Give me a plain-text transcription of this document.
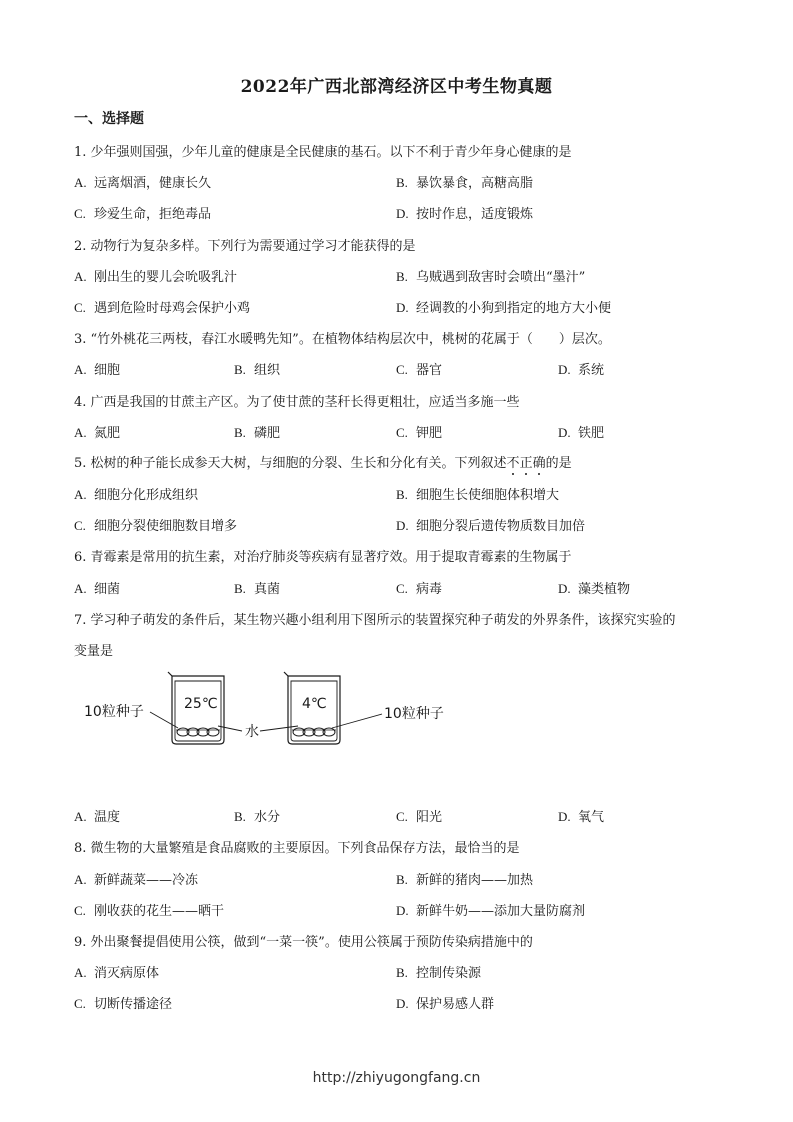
2022年广西北部湾经济区中考生物真题
一、选择题
1. 少年强则国强，少年儿童的健康是全民健康的基石。以下不利于青少年身心健康的是
A. 远离烟酒，健康长久	B. 暴饮暴食，高糖高脂
C. 珍爱生命，拒绝毒品	D. 按时作息，适度锻炼
2. 动物行为复杂多样。下列行为需要通过学习才能获得的是
A. 刚出生的婴儿会吮吸乳汁	B. 乌贼遇到敌害时会喷出“墨汁”
C. 遇到危险时母鸡会保护小鸡	D. 经调教的小狗到指定的地方大小便
3. “竹外桃花三两枝，春江水暖鸭先知”。在植物体结构层次中，桃树的花属于（　　）层次。
A. 细胞	B. 组织	C. 器官	D. 系统
4. 广西是我国的甘蔗主产区。为了使甘蔗的茎秆长得更粗壮，应适当多施一些
A. 氮肥	B. 磷肥	C. 钾肥	D. 铁肥
5. 松树的种子能长成参天大树，与细胞的分裂、生长和分化有关。下列叙述不正确的是
A. 细胞分化形成组织	B. 细胞生长使细胞体积增大
C. 细胞分裂使细胞数目增多	D. 细胞分裂后遗传物质数目加倍
6. 青霉素是常用的抗生素，对治疗肺炎等疾病有显著疗效。用于提取青霉素的生物属于
A. 细菌	B. 真菌	C. 病毒	D. 藻类植物
7. 学习种子萌发的条件后，某生物兴趣小组利用下图所示的装置探究种子萌发的外界条件，该探究实验的
变量是
25℃	4℃
10粒种子
水
10粒种子
A. 温度	B. 水分	C. 阳光	D. 氧气
8. 微生物的大量繁殖是食品腐败的主要原因。下列食品保存方法，最恰当的是
A. 新鲜蔬菜——冷冻	B. 新鲜的猪肉——加热
C. 刚收获的花生——晒干	D. 新鲜牛奶——添加大量防腐剂
9. 外出聚餐提倡使用公筷，做到“一菜一筷”。使用公筷属于预防传染病措施中的
A. 消灭病原体	B. 控制传染源
C. 切断传播途径	D. 保护易感人群
http://zhiyugongfang.cn
